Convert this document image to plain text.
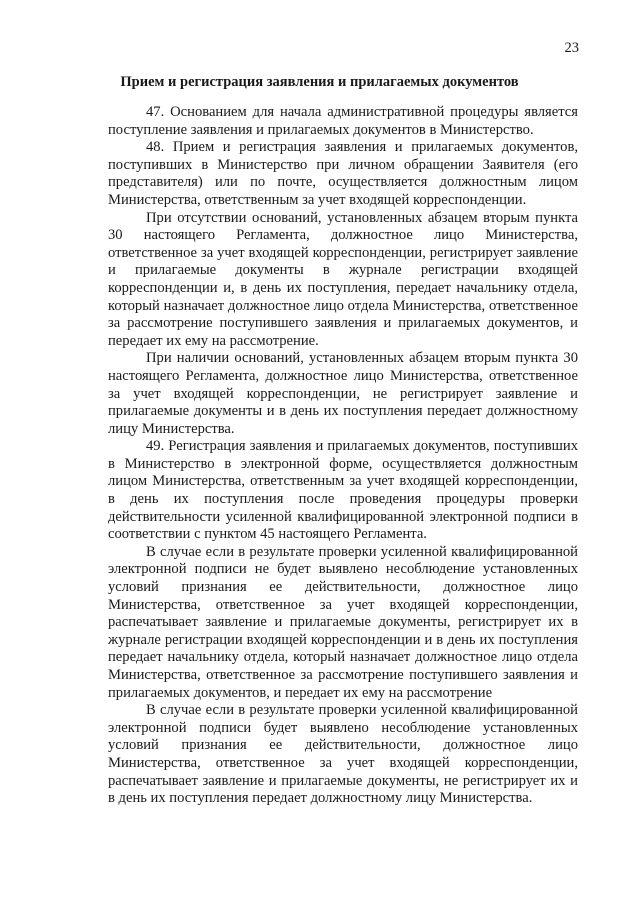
23
Прием и регистрация заявления и прилагаемых документов

47. Основанием для начала административной процедуры является поступление заявления и прилагаемых документов в Министерство.

48. Прием и регистрация заявления и прилагаемых документов, поступивших в Министерство при личном обращении Заявителя (его представителя) или по почте, осуществляется должностным лицом Министерства, ответственным за учет входящей корреспонденции.

При отсутствии оснований, установленных абзацем вторым пункта 30 настоящего Регламента, должностное лицо Министерства, ответственное за учет входящей корреспонденции, регистрирует заявление и прилагаемые документы в журнале регистрации входящей корреспонденции и, в день их поступления, передает начальнику отдела, который назначает должностное лицо отдела Министерства, ответственное за рассмотрение поступившего заявления и прилагаемых документов, и передает их ему на рассмотрение.

При наличии оснований, установленных абзацем вторым пункта 30 настоящего Регламента, должностное лицо Министерства, ответственное за учет входящей корреспонденции, не регистрирует заявление и прилагаемые документы и в день их поступления передает должностному лицу Министерства.

49. Регистрация заявления и прилагаемых документов, поступивших в Министерство в электронной форме, осуществляется должностным лицом Министерства, ответственным за учет входящей корреспонденции, в день их поступления после проведения процедуры проверки действительности усиленной квалифицированной электронной подписи в соответствии с пунктом 45 настоящего Регламента.

В случае если в результате проверки усиленной квалифицированной электронной подписи не будет выявлено несоблюдение установленных условий признания ее действительности, должностное лицо Министерства, ответственное за учет входящей корреспонденции, распечатывает заявление и прилагаемые документы, регистрирует их в журнале регистрации входящей корреспонденции и в день их поступления передает начальнику отдела, который назначает должностное лицо отдела Министерства, ответственное за рассмотрение поступившего заявления и прилагаемых документов, и передает их ему на рассмотрение

В случае если в результате проверки усиленной квалифицированной электронной подписи будет выявлено несоблюдение установленных условий признания ее действительности, должностное лицо Министерства, ответственное за учет входящей корреспонденции, распечатывает заявление и прилагаемые документы, не регистрирует их и в день их поступления передает должностному лицу Министерства.
